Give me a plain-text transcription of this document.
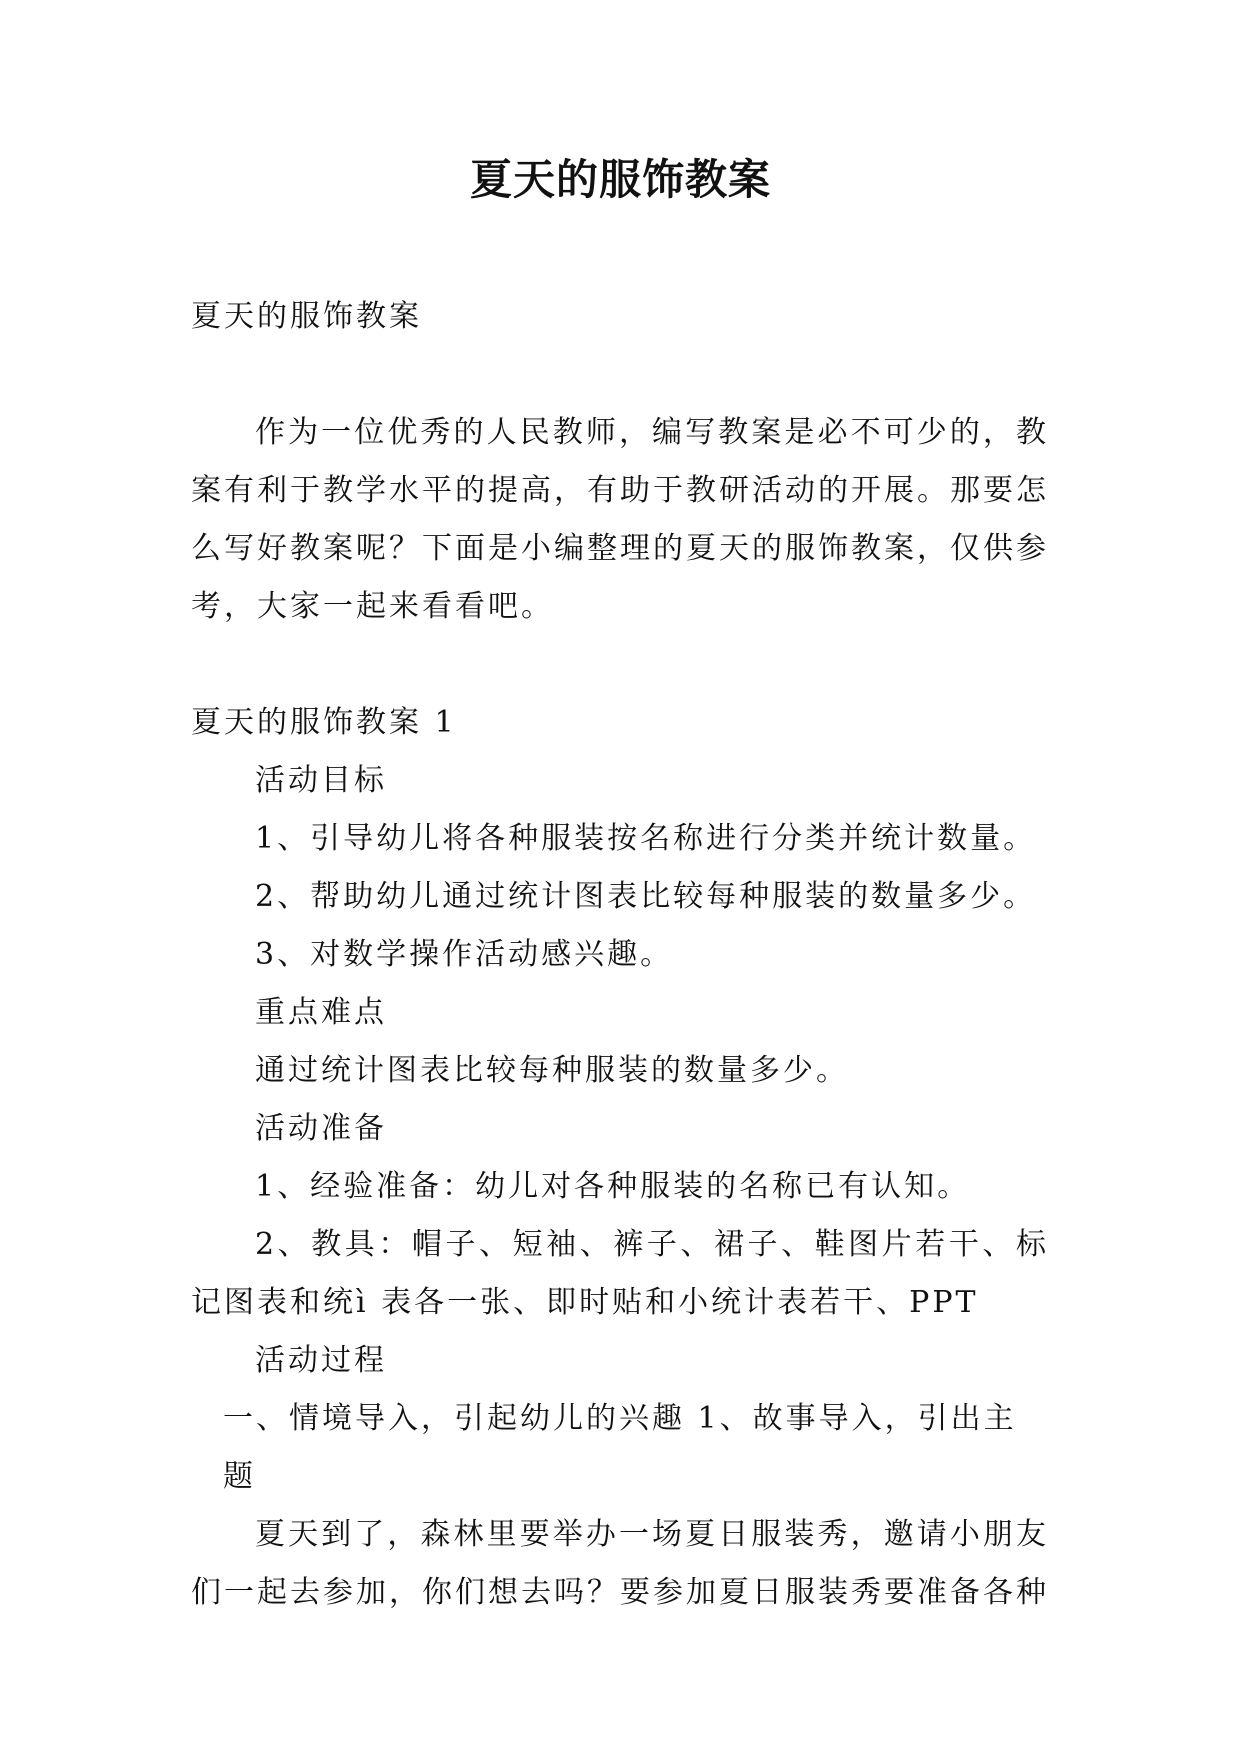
夏天的服饰教案

夏天的服饰教案

作为一位优秀的人民教师，编写教案是必不可少的，教案有利于教学水平的提高，有助于教研活动的开展。那要怎么写好教案呢？下面是小编整理的夏天的服饰教案，仅供参考，大家一起来看看吧。

夏天的服饰教案 1

活动目标

1、引导幼儿将各种服装按名称进行分类并统计数量。

2、帮助幼儿通过统计图表比较每种服装的数量多少。

3、对数学操作活动感兴趣。

重点难点

通过统计图表比较每种服装的数量多少。

活动准备

1、经验准备：幼儿对各种服装的名称已有认知。

2、教具：帽子、短袖、裤子、裙子、鞋图片若干、标记图表和统ì 表各一张、即时贴和小统计表若干、PPT

活动过程

一、情境导入，引起幼儿的兴趣 1、故事导入，引出主题

夏天到了，森林里要举办一场夏日服装秀，邀请小朋友们一起去参加，你们想去吗？要参加夏日服装秀要准备各种
